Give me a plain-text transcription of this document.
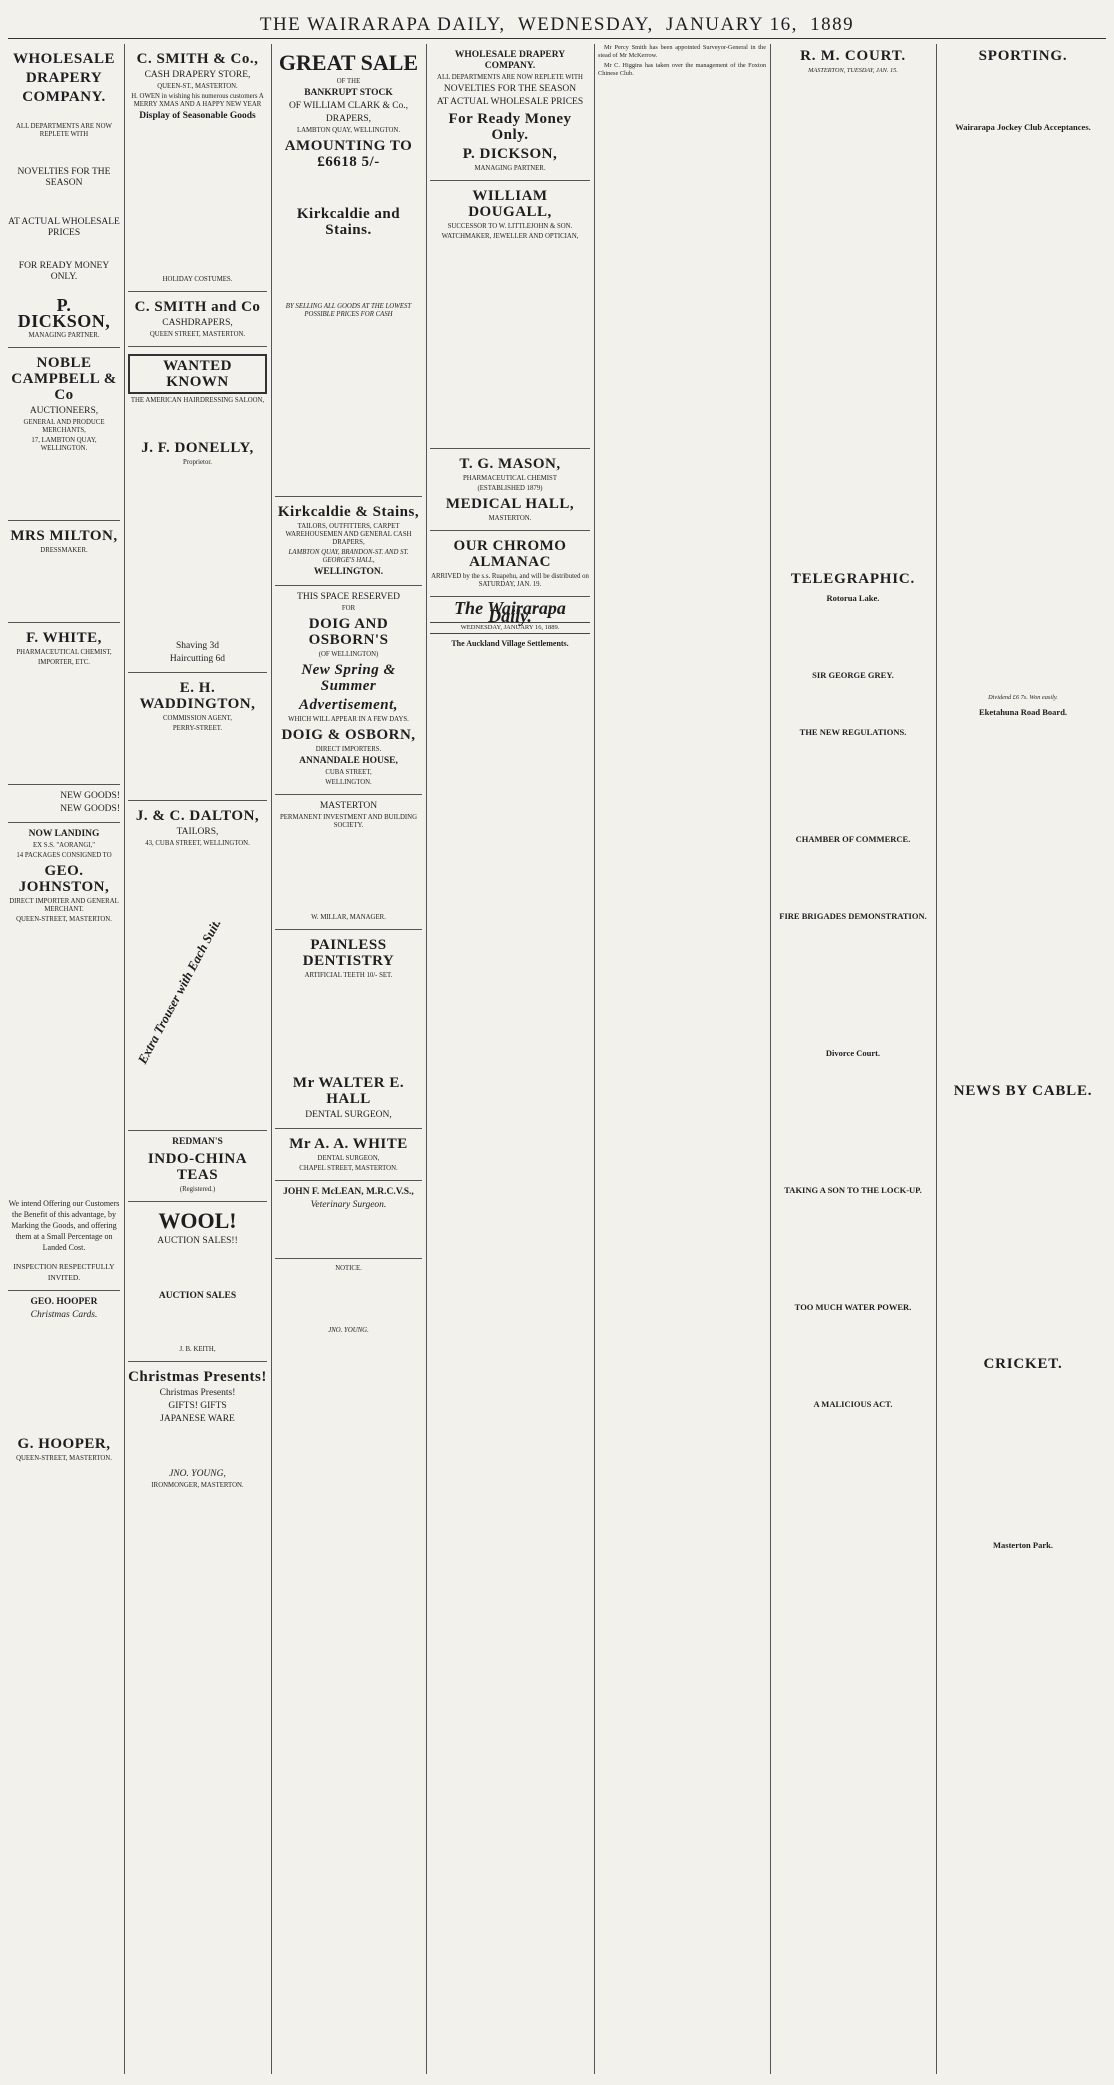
THE WAIRARAPA DAILY, WEDNESDAY, JANUARY 16, 1889
WHOLESALE
DRAPERY
COMPANY.
ALL DEPARTMENTS ARE NOW REPLETE WITH
NOVELTIES FOR THE SEASON
AT ACTUAL WHOLESALE PRICES
FOR READY MONEY ONLY.
P. DICKSON,
MANAGING PARTNER.
NOBLE CAMPBELL & Co
AUCTIONEERS,
GENERAL AND PRODUCE MERCHANTS,
17, LAMBTON QUAY, WELLINGTON.
MRS MILTON,
DRESSMAKER.
F. WHITE,
PHARMACEUTICAL CHEMIST,
IMPORTER, ETC.
NEW GOODS!
NEW GOODS!
NOW LANDING
EX S.S. "AORANGI,"
14 PACKAGES CONSIGNED TO
GEO. JOHNSTON,
DIRECT IMPORTER AND GENERAL MERCHANT.
QUEEN-STREET, MASTERTON.
We intend Offering our Customers the Benefit of this advantage, by Marking the Goods, and offering them at a Small Percentage on Landed Cost.
INSPECTION RESPECTFULLY INVITED.
GEO. HOOPER
Christmas Cards.
G. HOOPER,
QUEEN-STREET, MASTERTON.
C. SMITH & Co.,
CASH DRAPERY STORE,
QUEEN-ST., MASTERTON.
H. OWEN in wishing his numerous customers A MERRY XMAS AND A HAPPY NEW YEAR
Display of Seasonable Goods
HOLIDAY COSTUMES.
C. SMITH and Co
CASHDRAPERS,
QUEEN STREET, MASTERTON.
WANTED KNOWN
THE AMERICAN HAIRDRESSING SALOON,
J. F. DONELLY,
Proprietor.
Shaving 3d
Haircutting 6d
E. H. WADDINGTON,
COMMISSION AGENT,
PERRY-STREET.
J. & C. DALTON,
TAILORS,
43, CUBA STREET, WELLINGTON.
Extra Trouser with Each Suit.
REDMAN'S
INDO-CHINA TEAS
(Registered.)
WOOL!
AUCTION SALES!!
AUCTION SALES
J. B. KEITH,
Christmas Presents!
Christmas Presents!
GIFTS! GIFTS
JAPANESE WARE
JNO. YOUNG,
IRONMONGER, MASTERTON.
GREAT SALE
OF THE
BANKRUPT STOCK
OF WILLIAM CLARK & Co.,
DRAPERS,
LAMBTON QUAY, WELLINGTON.
AMOUNTING TO £6618 5/-
Kirkcaldie and Stains.
BY SELLING ALL GOODS AT THE LOWEST POSSIBLE PRICES FOR CASH
Kirkcaldie & Stains,
TAILORS, OUTFITTERS, CARPET WAREHOUSEMEN AND GENERAL CASH DRAPERS,
LAMBTON QUAY, BRANDON-ST. AND ST. GEORGE'S HALL,
WELLINGTON.
THIS SPACE RESERVED
FOR
DOIG AND OSBORN'S
(OF WELLINGTON)
New Spring & Summer
Advertisement,
WHICH WILL APPEAR IN A FEW DAYS.
DOIG & OSBORN,
DIRECT IMPORTERS.
ANNANDALE HOUSE,
CUBA STREET,
WELLINGTON.
MASTERTON
PERMANENT INVESTMENT AND BUILDING SOCIETY.
W. MILLAR, MANAGER.
PAINLESS DENTISTRY
ARTIFICIAL TEETH 10/- SET.
Mr WALTER E. HALL
DENTAL SURGEON,
Mr A. A. WHITE
DENTAL SURGEON,
CHAPEL STREET, MASTERTON.
JOHN F. McLEAN, M.R.C.V.S.,
Veterinary Surgeon.
NOTICE.
JNO. YOUNG.
WHOLESALE DRAPERY COMPANY.
ALL DEPARTMENTS ARE NOW REPLETE WITH
NOVELTIES FOR THE SEASON
AT ACTUAL WHOLESALE PRICES
For Ready Money Only.
P. DICKSON,
MANAGING PARTNER.
WILLIAM DOUGALL,
SUCCESSOR TO W. LITTLEJOHN & SON.
WATCHMAKER, JEWELLER AND OPTICIAN,
T. G. MASON,
PHARMACEUTICAL CHEMIST
(ESTABLISHED 1879)
MEDICAL HALL,
MASTERTON.
OUR CHROMO ALMANAC
ARRIVED by the s.s. Ruapehu, and will be distributed on SATURDAY, JAN. 19.
The Wairarapa Daily.
WEDNESDAY, JANUARY 16, 1889.
The Auckland Village Settlements.
Mr Percy Smith has been appointed Surveyor-General in the stead of Mr McKerrow.
Mr C. Higgins has taken over the management of the Foxton Chinese Club.
R. M. COURT.
MASTERTON, TUESDAY, JAN. 15.
TELEGRAPHIC.
Rotorua Lake.
SIR GEORGE GREY.
THE NEW REGULATIONS.
CHAMBER OF COMMERCE.
FIRE BRIGADES DEMONSTRATION.
Divorce Court.
TAKING A SON TO THE LOCK-UP.
TOO MUCH WATER POWER.
A MALICIOUS ACT.
SPORTING.
Wairarapa Jockey Club Acceptances.
Dividend £6 7s. Won easily.
Eketahuna Road Board.
NEWS BY CABLE.
CRICKET.
Masterton Park.
